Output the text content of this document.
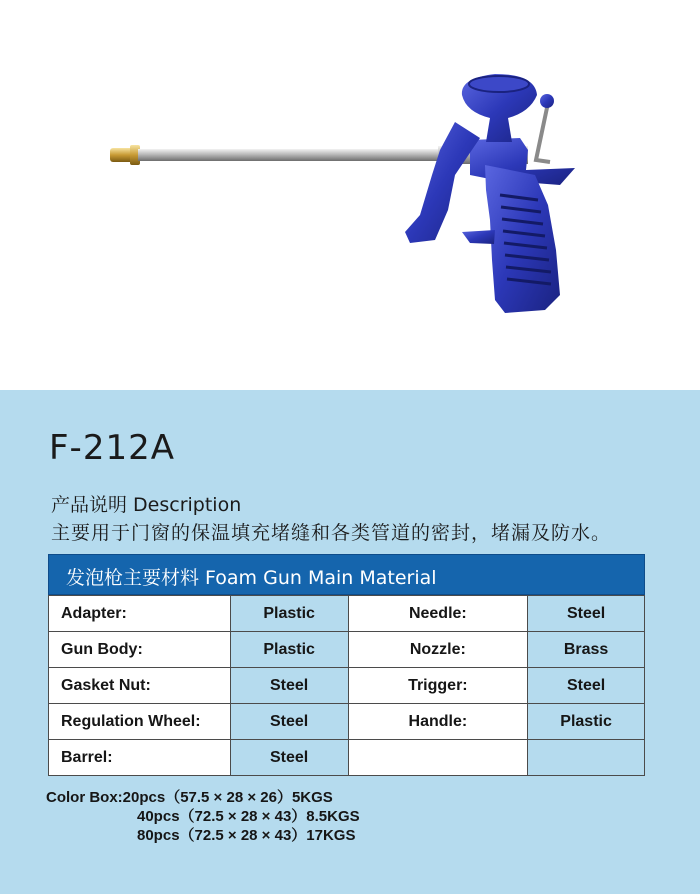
F-212A
产品说明 Description
主要用于门窗的保温填充堵缝和各类管道的密封，堵漏及防水。
发泡枪主要材料 Foam Gun Main Material
Adapter:	Plastic	Needle:	Steel
Gun Body:	Plastic	Nozzle:	Brass
Gasket Nut:	Steel	Trigger:	Steel
Regulation Wheel:	Steel	Handle:	Plastic
Barrel:	Steel		
Color Box:20pcs（57.5 × 28 × 26）5KGS
40pcs（72.5 × 28 × 43）8.5KGS
80pcs（72.5 × 28 × 43）17KGS
